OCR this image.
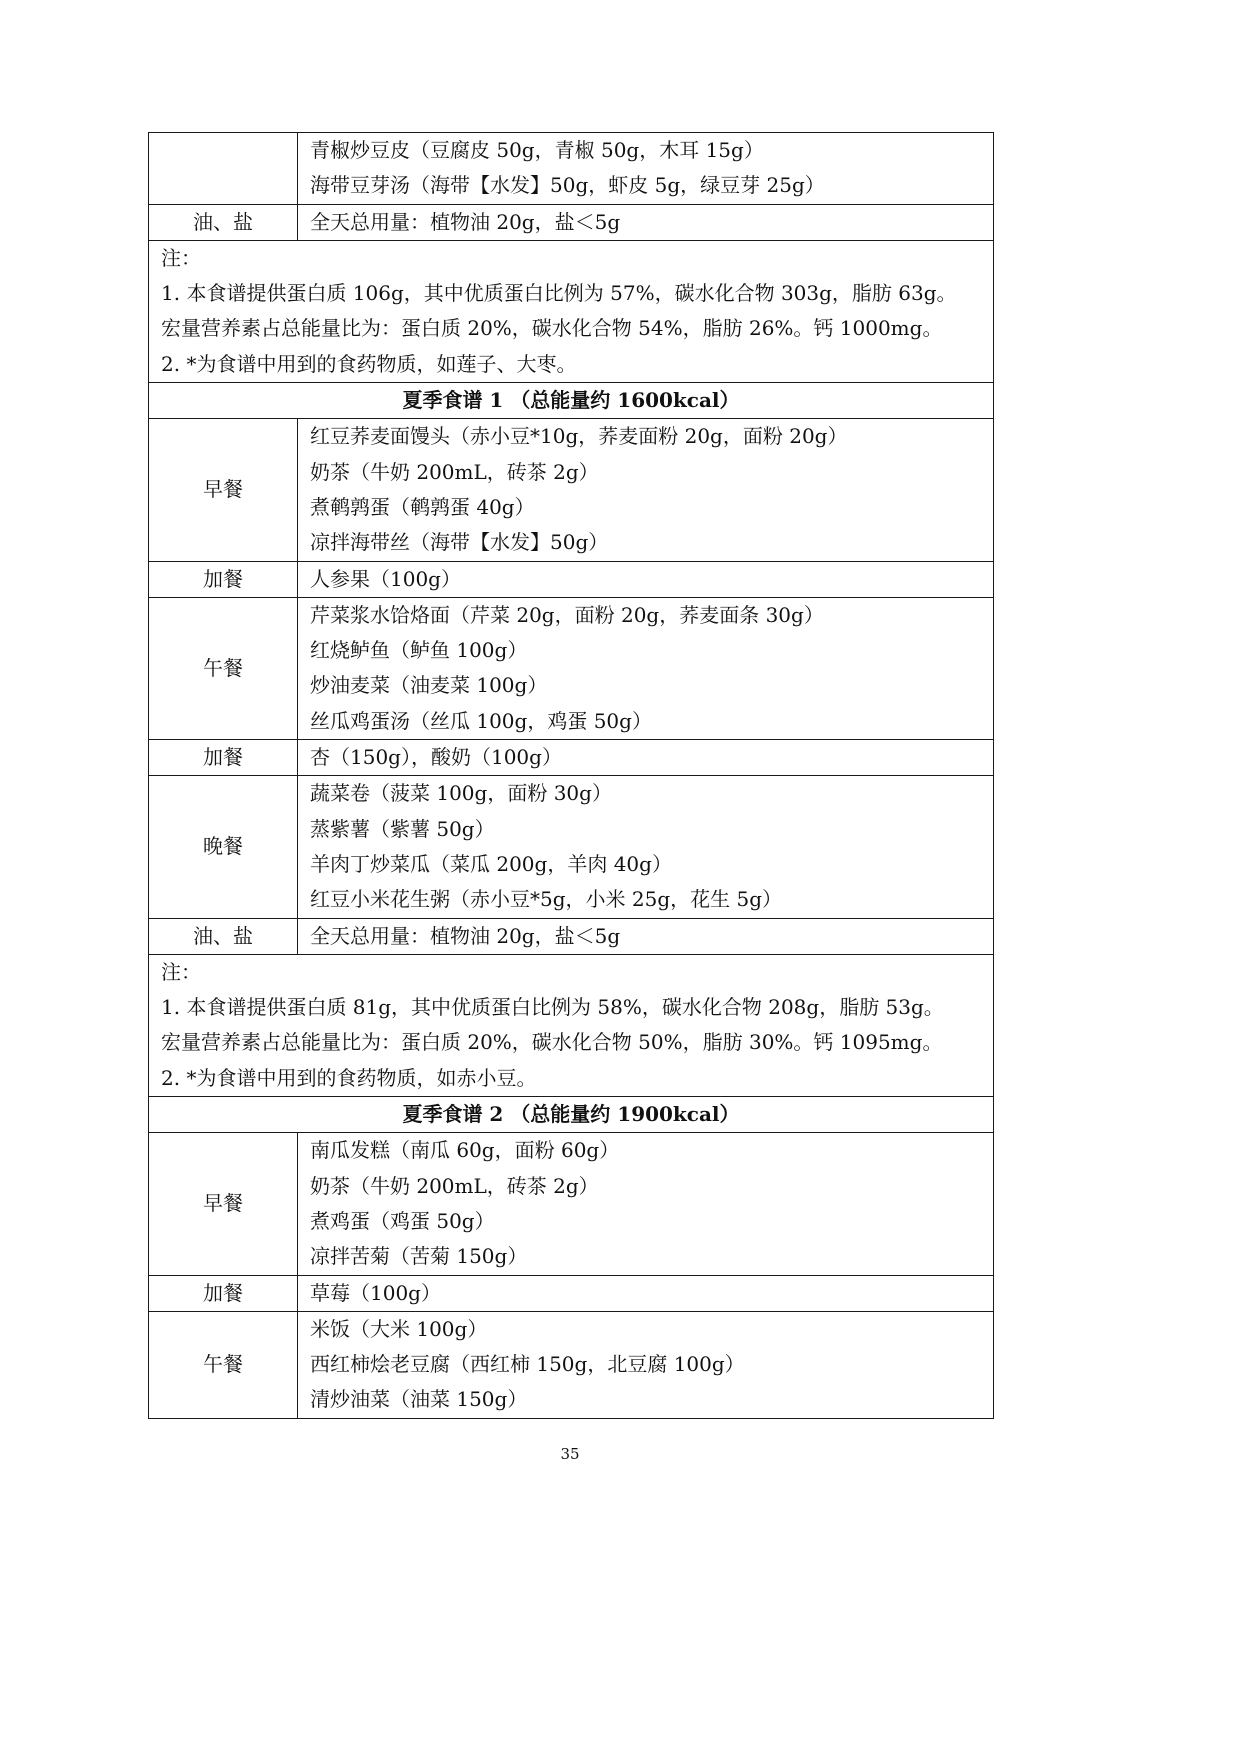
	青椒炒豆皮（豆腐皮 50g，青椒 50g，木耳 15g）
海带豆芽汤（海带【水发】50g，虾皮 5g，绿豆芽 25g）

油、盐	全天总用量：植物油 20g，盐＜5g

注：
1. 本食谱提供蛋白质 106g，其中优质蛋白比例为 57%，碳水化合物 303g，脂肪 63g。
宏量营养素占总能量比为：蛋白质 20%，碳水化合物 54%，脂肪 26%。钙 1000mg。
2. *为食谱中用到的食药物质，如莲子、大枣。	

夏季食谱 1 （总能量约 1600kcal）	

早餐	红豆荞麦面馒头（赤小豆*10g，荞麦面粉 20g，面粉 20g）
奶茶（牛奶 200mL，砖茶 2g）
煮鹌鹑蛋（鹌鹑蛋 40g）
凉拌海带丝（海带【水发】50g）

加餐	人参果（100g）

午餐	芹菜浆水饸烙面（芹菜 20g，面粉 20g，荞麦面条 30g）
红烧鲈鱼（鲈鱼 100g）
炒油麦菜（油麦菜 100g）
丝瓜鸡蛋汤（丝瓜 100g，鸡蛋 50g）

加餐	杏（150g），酸奶（100g）

晚餐	蔬菜卷（菠菜 100g，面粉 30g）
蒸紫薯（紫薯 50g）
羊肉丁炒菜瓜（菜瓜 200g，羊肉 40g）
红豆小米花生粥（赤小豆*5g，小米 25g，花生 5g）

油、盐	全天总用量：植物油 20g，盐＜5g

注：
1. 本食谱提供蛋白质 81g，其中优质蛋白比例为 58%，碳水化合物 208g，脂肪 53g。
宏量营养素占总能量比为：蛋白质 20%，碳水化合物 50%，脂肪 30%。钙 1095mg。
2. *为食谱中用到的食药物质，如赤小豆。	

夏季食谱 2 （总能量约 1900kcal）	

早餐	南瓜发糕（南瓜 60g，面粉 60g）
奶茶（牛奶 200mL，砖茶 2g）
煮鸡蛋（鸡蛋 50g）
凉拌苦菊（苦菊 150g）

加餐	草莓（100g）

午餐	米饭（大米 100g）
西红柿烩老豆腐（西红柿 150g，北豆腐 100g）
清炒油菜（油菜 150g）
35
